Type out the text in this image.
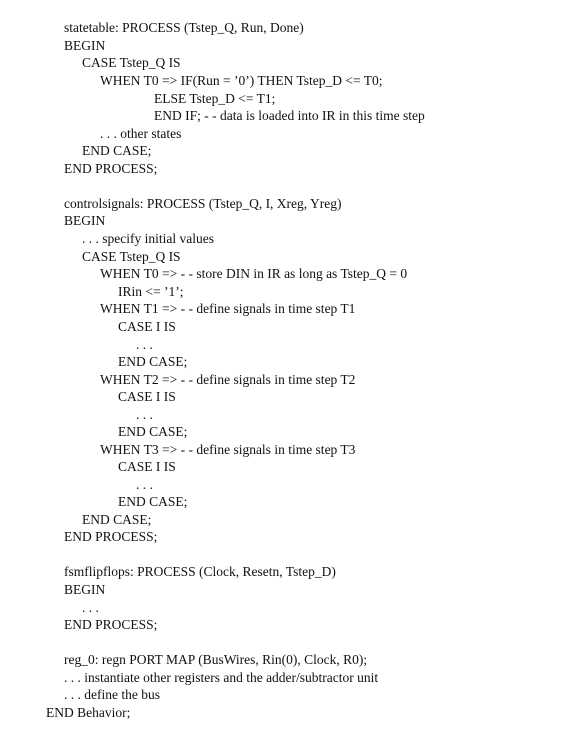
statetable: PROCESS (Tstep_Q, Run, Done)
BEGIN
CASE Tstep_Q IS
WHEN T0 => IF(Run = ’0’) THEN Tstep_D <= T0;
ELSE Tstep_D <= T1;
END IF; - - data is loaded into IR in this time step
. . . other states
END CASE;
END PROCESS;
controlsignals: PROCESS (Tstep_Q, I, Xreg, Yreg)
BEGIN
. . . specify initial values
CASE Tstep_Q IS
WHEN T0 => - - store DIN in IR as long as Tstep_Q = 0
IRin <= ’1’;
WHEN T1 => - - define signals in time step T1
CASE I IS
. . .
END CASE;
WHEN T2 => - - define signals in time step T2
CASE I IS
. . .
END CASE;
WHEN T3 => - - define signals in time step T3
CASE I IS
. . .
END CASE;
END CASE;
END PROCESS;
fsmflipflops: PROCESS (Clock, Resetn, Tstep_D)
BEGIN
. . .
END PROCESS;
reg_0: regn PORT MAP (BusWires, Rin(0), Clock, R0);
. . . instantiate other registers and the adder/subtractor unit
. . . define the bus
END Behavior;
